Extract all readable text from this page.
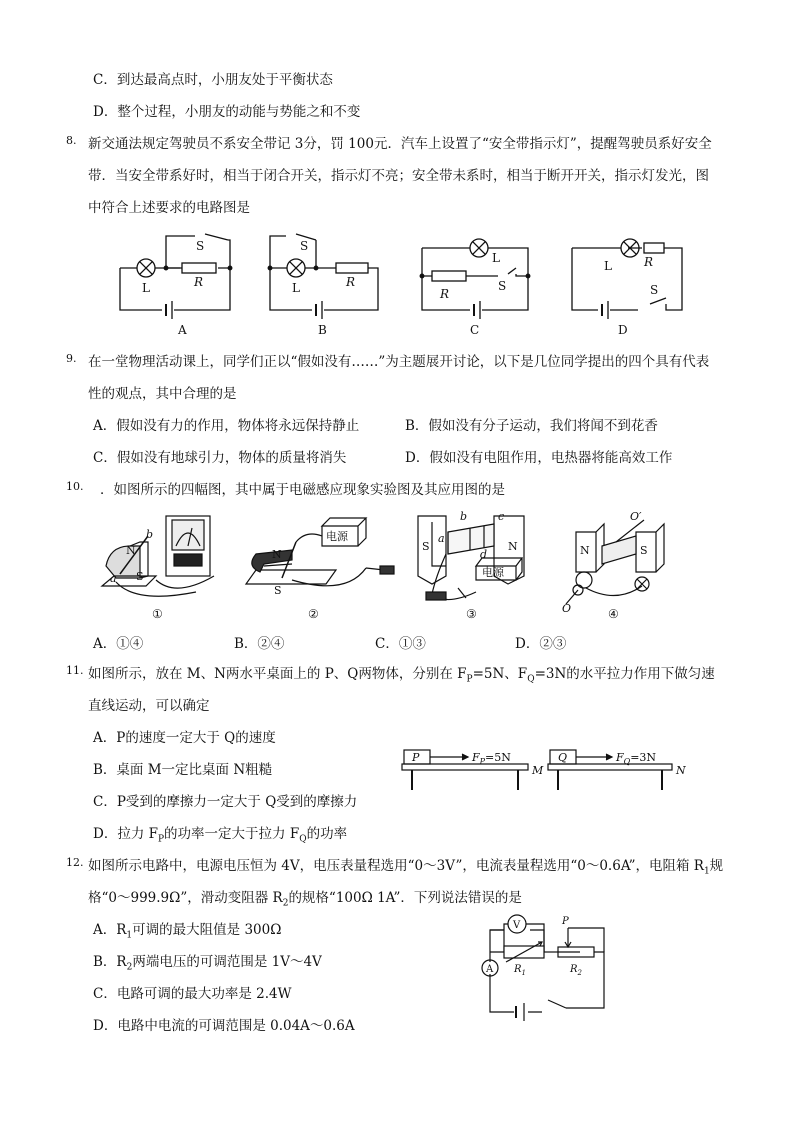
C．到达最高点时，小朋友处于平衡状态
D．整个过程，小朋友的动能与势能之和不变
8. 新交通法规定驾驶员不系安全带记 3分，罚 100元．汽车上设置了“安全带指示灯”，提醒驾驶员系好安全
带．当安全带系好时，相当于闭合开关，指示灯不亮；安全带未系时，相当于断开开关，指示灯发光，图
中符合上述要求的电路图是
S
L	R
A
S
L	R
B
L
R
S
C
L	R
S
D
9. 在一堂物理活动课上，同学们正以“假如没有……”为主题展开讨论，以下是几位同学提出的四个具有代表
性的观点，其中合理的是
A．假如没有力的作用，物体将永远保持静止	B．假如没有分子运动，我们将闻不到花香
C．假如没有地球引力，物体的质量将消失	D．假如没有电阻作用，电热器将能高效工作
10. ．如图所示的四幅图，其中属于电磁感应现象实验图及其应用图的是
N
b
a S
N
S
电源
S	N
a
b	c
d
电源
N	S
O′
O
①	②	③	④
A．①④	B．②④	C．①③	D．②③
11. 如图所示，放在 M、N两水平桌面上的 P、Q两物体，分别在 $F_P=5N$、$F_Q=3N$的水平拉力作用下做匀速
直线运动，可以确定
A．P的速度一定大于 Q的速度
B．桌面 M一定比桌面 N粗糙
C．P受到的摩擦力一定大于 Q受到的摩擦力
D．拉力 $F_P$的功率一定大于拉力 $F_Q$的功率
P	$F_P=5N$
M
Q	$F_Q=3N$
N
12. 如图所示电路中，电源电压恒为 4V，电压表量程选用“0～3V”，电流表量程选用“0～0.6A”，电阻箱 $R_1$规
格“0～999.9Ω”，滑动变阻器 $R_2$的规格“100Ω 1A”．下列说法错误的是
A．$R_1$可调的最大阻值是 300Ω
B．$R_2$两端电压的可调范围是 1V～4V
C．电路可调的最大功率是 2.4W
D．电路中电流的可调范围是 0.04A～0.6A
V
A
P
$R_1$	$R_2$
